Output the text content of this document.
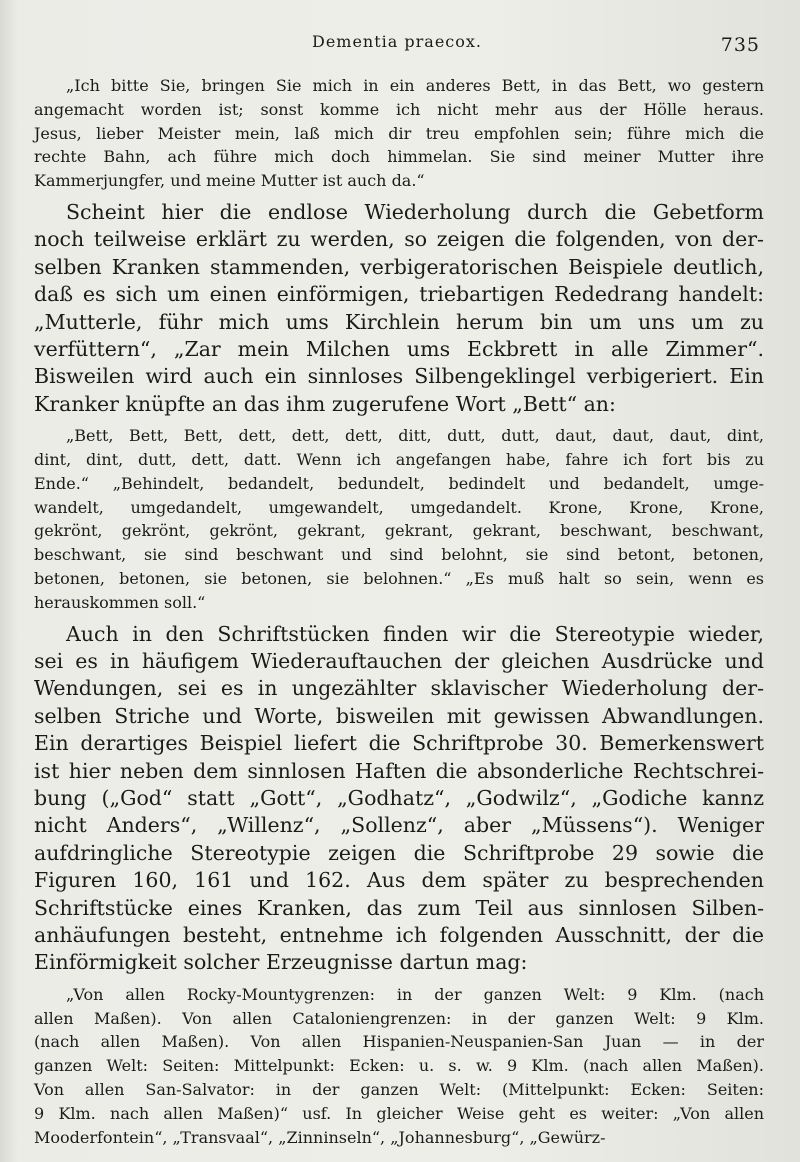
Dementia praecox.	735

„Ich bitte Sie, bringen Sie mich in ein anderes Bett, in das Bett, wo gestern

angemacht worden ist; sonst komme ich nicht mehr aus der Hölle heraus.

Jesus, lieber Meister mein, laß mich dir treu empfohlen sein; führe mich die

rechte Bahn, ach führe mich doch himmelan. Sie sind meiner Mutter ihre

Kammerjungfer, und meine Mutter ist auch da.“

Scheint hier die endlose Wiederholung durch die Gebetform

noch teilweise erklärt zu werden, so zeigen die folgenden, von der-

selben Kranken stammenden, verbigeratorischen Beispiele deutlich,

daß es sich um einen einförmigen, triebartigen Rededrang handelt:

„Mutterle, führ mich ums Kirchlein herum bin um uns um zu

verfüttern“, „Zar mein Milchen ums Eckbrett in alle Zimmer“.

Bisweilen wird auch ein sinnloses Silbengeklingel verbigeriert. Ein

Kranker knüpfte an das ihm zugerufene Wort „Bett“ an:

„Bett, Bett, Bett, dett, dett, dett, ditt, dutt, dutt, daut, daut, daut, dint,

dint, dint, dutt, dett, datt. Wenn ich angefangen habe, fahre ich fort bis zu

Ende.“ „Behindelt, bedandelt, bedundelt, bedindelt und bedandelt, umge-

wandelt, umgedandelt, umgewandelt, umgedandelt. Krone, Krone, Krone,

gekrönt, gekrönt, gekrönt, gekrant, gekrant, gekrant, beschwant, beschwant,

beschwant, sie sind beschwant und sind belohnt, sie sind betont, betonen,

betonen, betonen, sie betonen, sie belohnen.“ „Es muß halt so sein, wenn es

herauskommen soll.“

Auch in den Schriftstücken finden wir die Stereotypie wieder,

sei es in häufigem Wiederauftauchen der gleichen Ausdrücke und

Wendungen, sei es in ungezählter sklavischer Wiederholung der-

selben Striche und Worte, bisweilen mit gewissen Abwandlungen.

Ein derartiges Beispiel liefert die Schriftprobe 30. Bemerkenswert

ist hier neben dem sinnlosen Haften die absonderliche Rechtschrei-

bung („God“ statt „Gott“, „Godhatz“, „Godwilz“, „Godiche kannz

nicht Anders“, „Willenz“, „Sollenz“, aber „Müssens“). Weniger

aufdringliche Stereotypie zeigen die Schriftprobe 29 sowie die

Figuren 160, 161 und 162. Aus dem später zu besprechenden

Schriftstücke eines Kranken, das zum Teil aus sinnlosen Silben-

anhäufungen besteht, entnehme ich folgenden Ausschnitt, der die

Einförmigkeit solcher Erzeugnisse dartun mag:

„Von allen Rocky-Mountygrenzen: in der ganzen Welt: 9 Klm. (nach

allen Maßen). Von allen Cataloniengrenzen: in der ganzen Welt: 9 Klm.

(nach allen Maßen). Von allen Hispanien-Neuspanien-San Juan — in der

ganzen Welt: Seiten: Mittelpunkt: Ecken: u. s. w. 9 Klm. (nach allen Maßen).

Von allen San-Salvator: in der ganzen Welt: (Mittelpunkt: Ecken: Seiten:

9 Klm. nach allen Maßen)“ usf. In gleicher Weise geht es weiter: „Von allen

Mooderfontein“, „Transvaal“, „Zinninseln“, „Johannesburg“, „Gewürz-
